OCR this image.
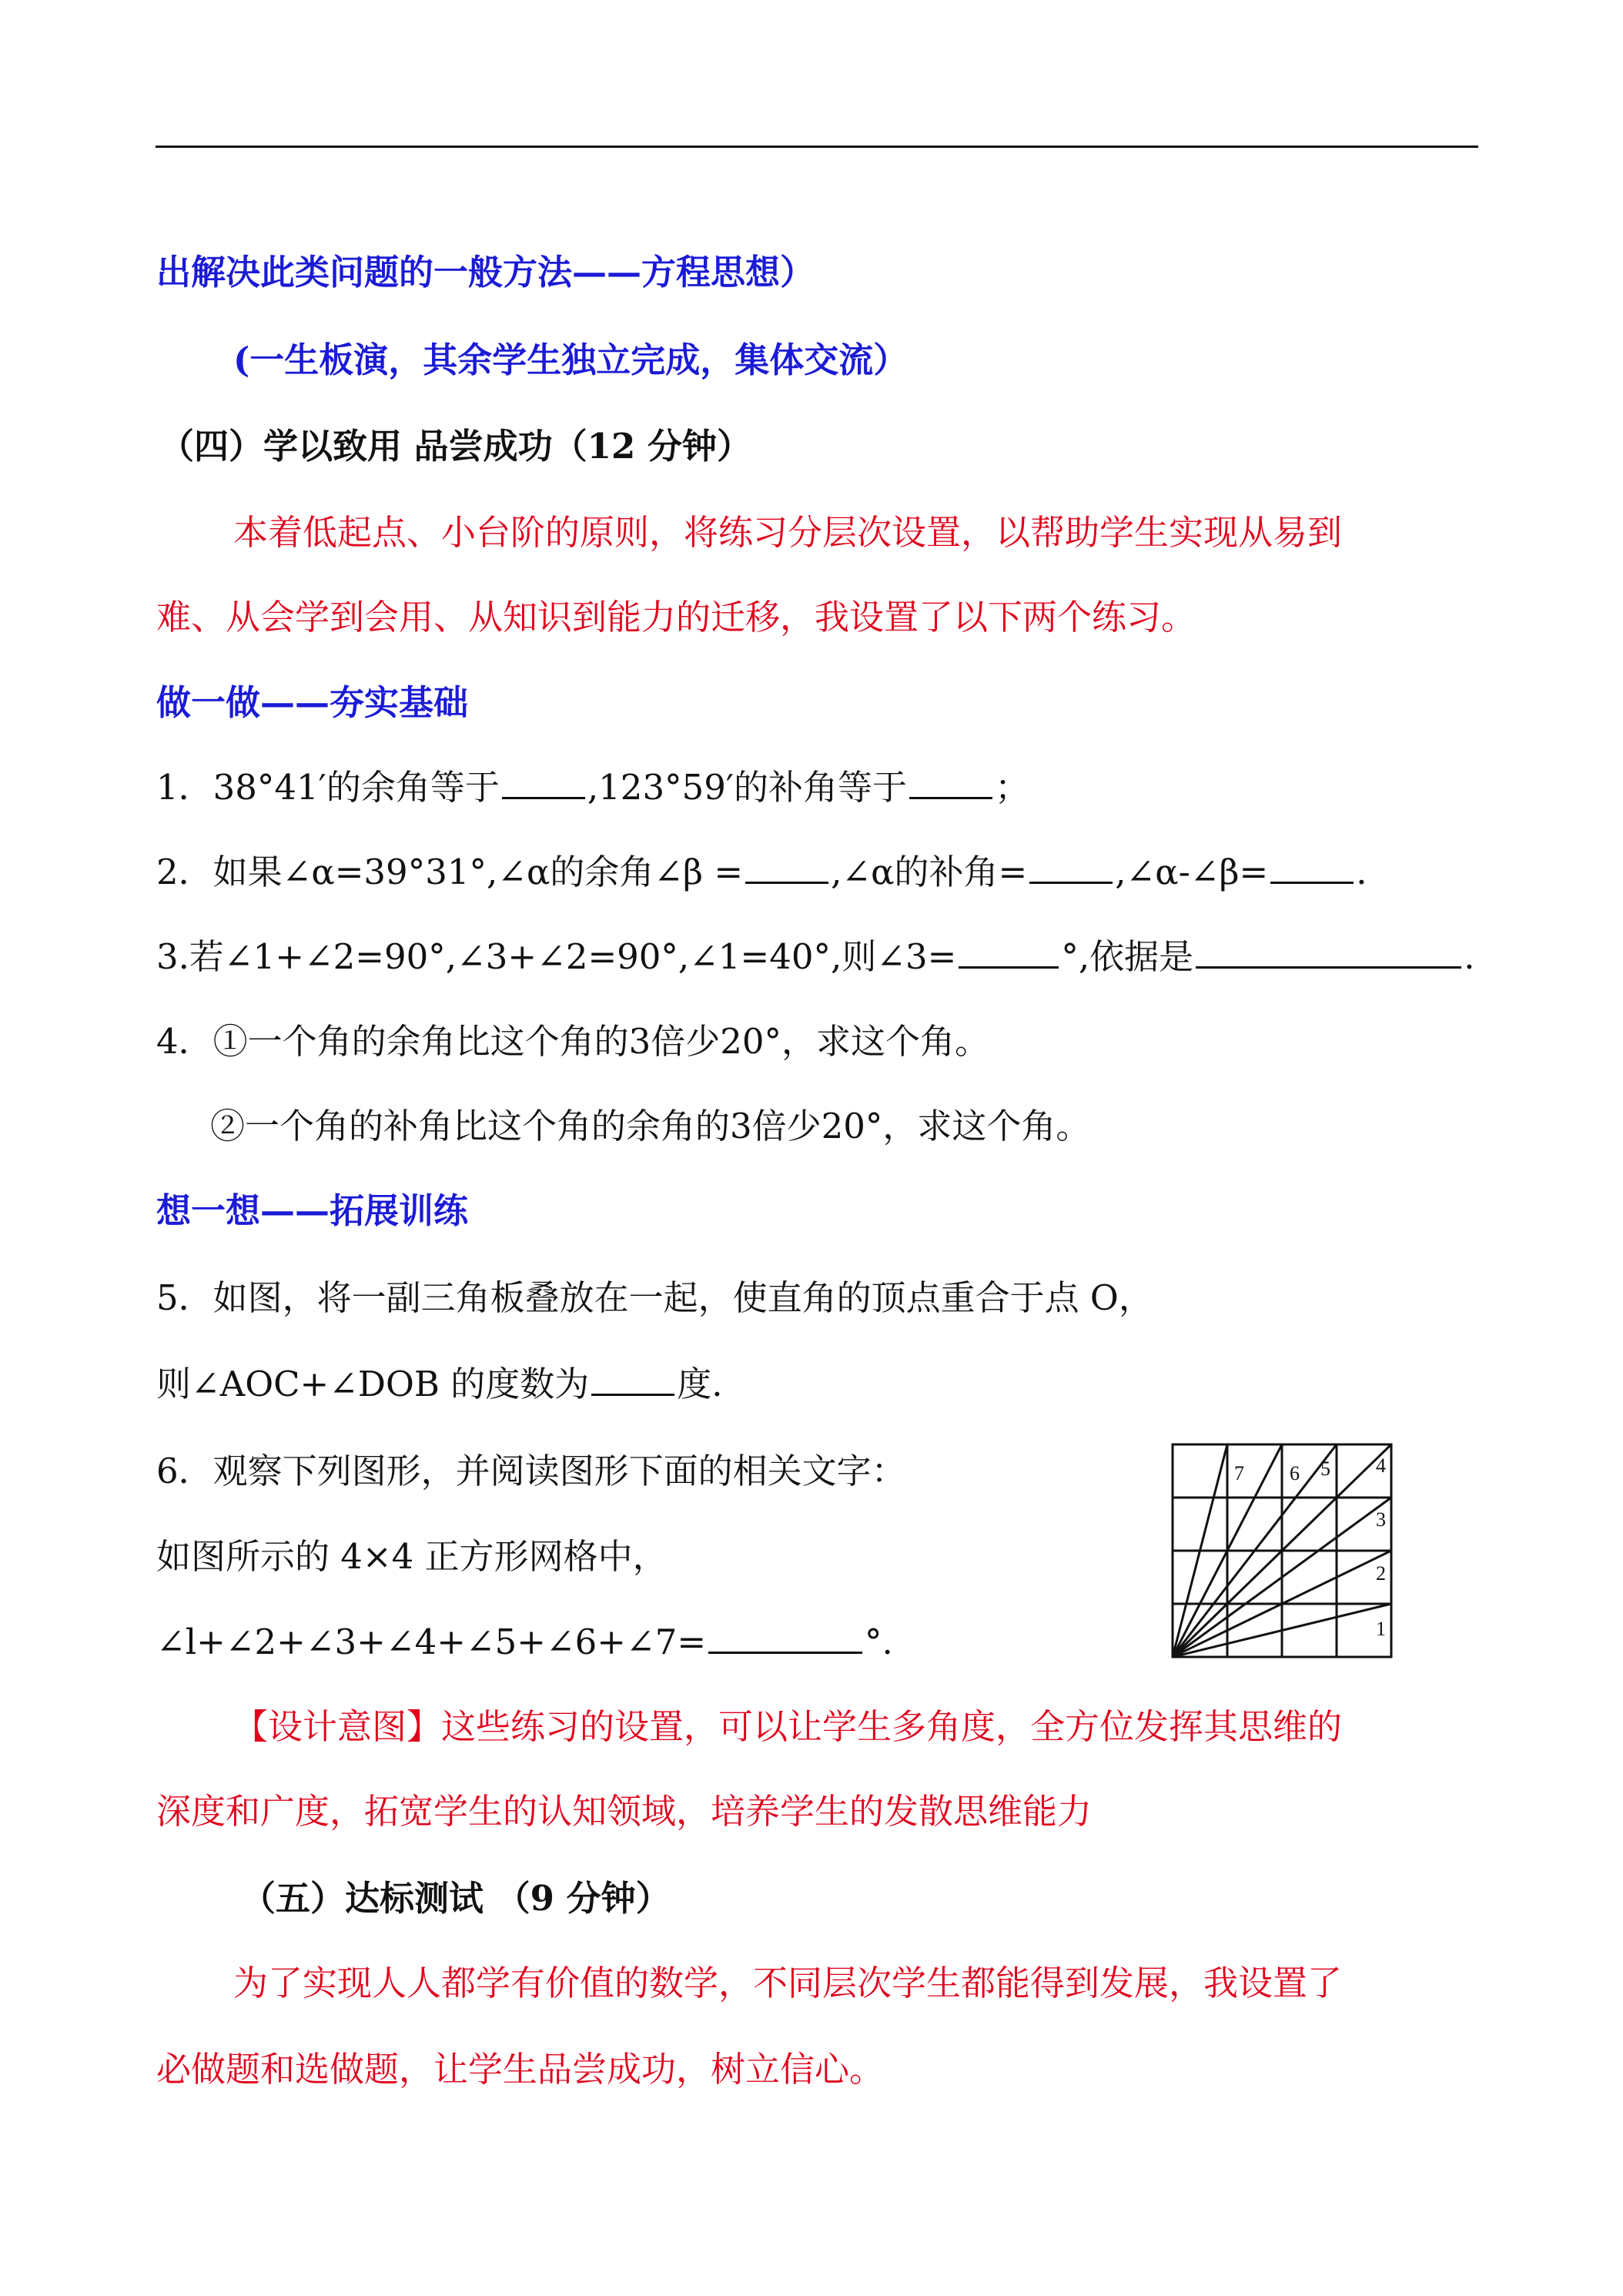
出解决此类问题的一般方法——方程思想）
(一生板演，其余学生独立完成，集体交流）
（四）学以致用 品尝成功（12 分钟）
本着低起点、小台阶的原则，将练习分层次设置，以帮助学生实现从易到
难、从会学到会用、从知识到能力的迁移，我设置了以下两个练习。
做一做——夯实基础
1．38°41′的余角等于	,123°59′的补角等于	；
2．如果∠α=39°31°,∠α的余角∠β =	,∠α的补角=	,∠α-∠β=	.
3.若∠1+∠2=90°,∠3+∠2=90°,∠1=40°,则∠3=	°,依据是	.
4．①一个角的余角比这个角的3倍少20°，求这个角。
②一个角的补角比这个角的余角的3倍少20°，求这个角。
想一想——拓展训练
5．如图，将一副三角板叠放在一起，使直角的顶点重合于点 O，
则∠AOC+∠DOB 的度数为	度.
6．观察下列图形，并阅读图形下面的相关文字：
如图所示的 4×4 正方形网格中，
∠l+∠2+∠3+∠4+∠5+∠6+∠7=	°.
7 6 5 4
3
2
1
【设计意图】这些练习的设置，可以让学生多角度，全方位发挥其思维的
深度和广度，拓宽学生的认知领域，培养学生的发散思维能力
（五）达标测试 （9 分钟）
为了实现人人都学有价值的数学，不同层次学生都能得到发展，我设置了
必做题和选做题，让学生品尝成功，树立信心。
